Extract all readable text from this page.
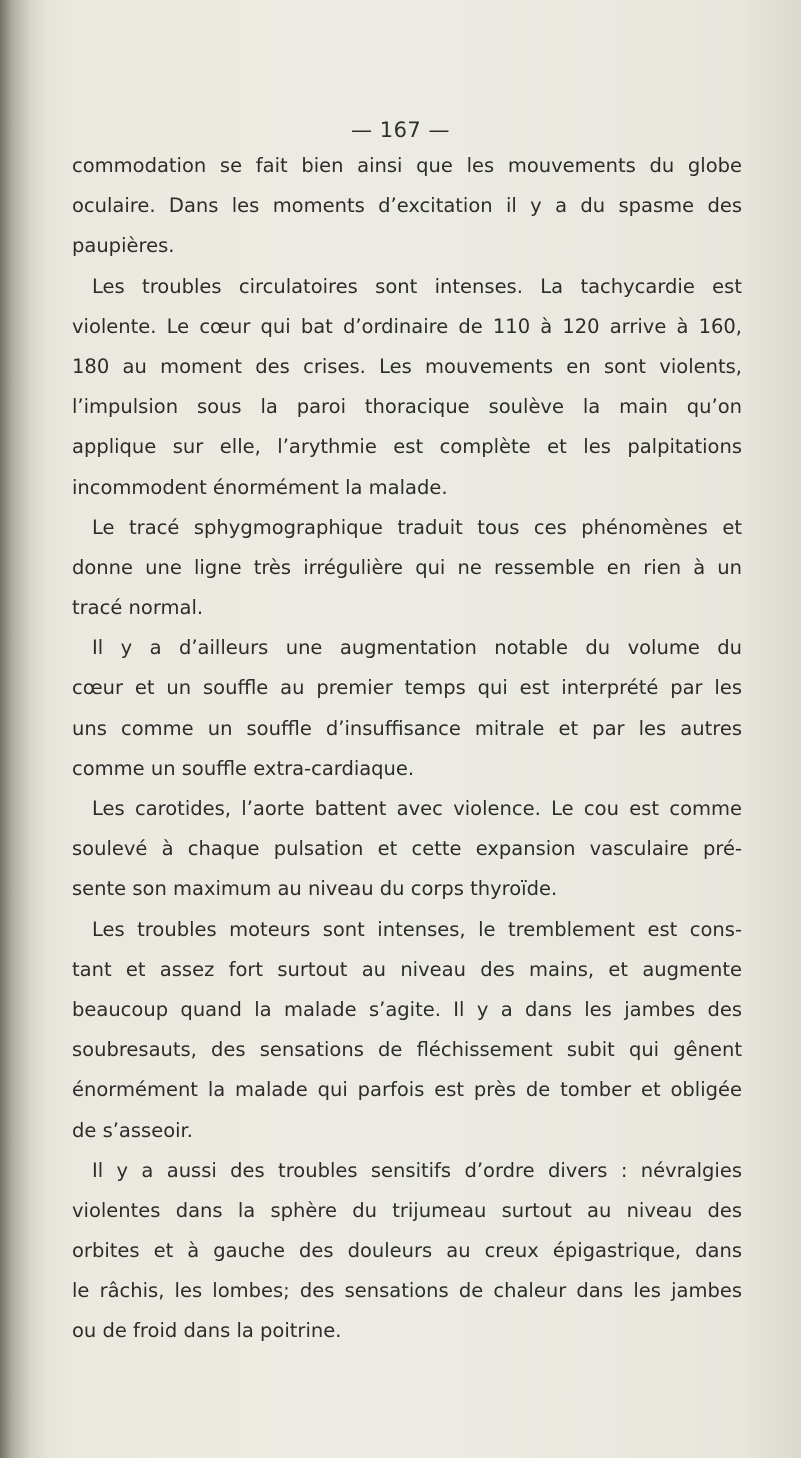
— 167 —

commodation se fait bien ainsi que les mouvements du globe
oculaire. Dans les moments d’excitation il y a du spasme des
paupières.

Les troubles circulatoires sont intenses. La tachycardie est
violente. Le cœur qui bat d’ordinaire de 110 à 120 arrive à 160,
180 au moment des crises. Les mouvements en sont violents,
l’impulsion sous la paroi thoracique soulève la main qu’on
applique sur elle, l’arythmie est complète et les palpitations
incommodent énormément la malade.

Le tracé sphygmographique traduit tous ces phénomènes et
donne une ligne très irrégulière qui ne ressemble en rien à un
tracé normal.

Il y a d’ailleurs une augmentation notable du volume du
cœur et un souffle au premier temps qui est interprété par les
uns comme un souffle d’insuffisance mitrale et par les autres
comme un souffle extra-cardiaque.

Les carotides, l’aorte battent avec violence. Le cou est comme
soulevé à chaque pulsation et cette expansion vasculaire pré-
sente son maximum au niveau du corps thyroïde.

Les troubles moteurs sont intenses, le tremblement est cons-
tant et assez fort surtout au niveau des mains, et augmente
beaucoup quand la malade s’agite. Il y a dans les jambes des
soubresauts, des sensations de fléchissement subit qui gênent
énormément la malade qui parfois est près de tomber et obligée
de s’asseoir.

Il y a aussi des troubles sensitifs d’ordre divers : névralgies
violentes dans la sphère du trijumeau surtout au niveau des
orbites et à gauche des douleurs au creux épigastrique, dans
le râchis, les lombes; des sensations de chaleur dans les jambes
ou de froid dans la poitrine.
